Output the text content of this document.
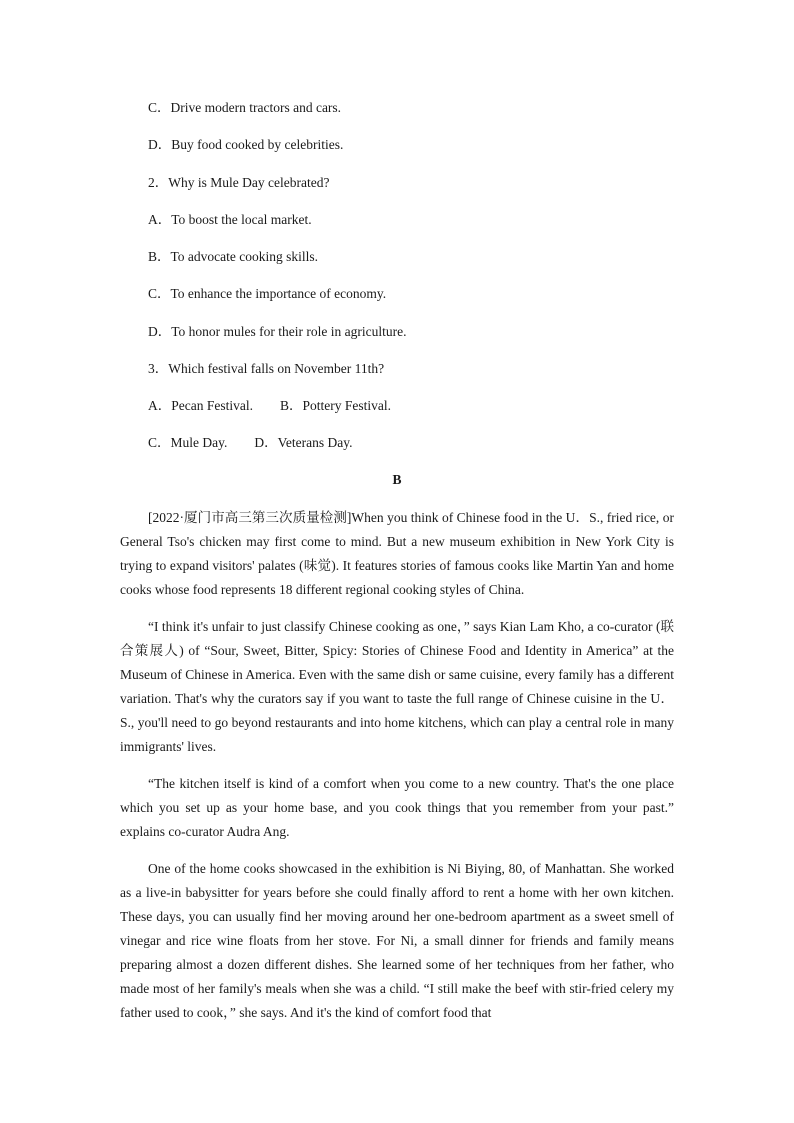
C．Drive modern tractors and cars.
D．Buy food cooked by celebrities.
2．Why is Mule Day celebrated?
A．To boost the local market.
B．To advocate cooking skills.
C．To enhance the importance of economy.
D．To honor mules for their role in agriculture.
3．Which festival falls on November 11th?
A．Pecan Festival.        B．Pottery Festival.
C．Mule Day.        D．Veterans Day.
B

[2022·厦门市高三第三次质量检测]When you think of Chinese food in the U．S., fried rice, or General Tso's chicken may first come to mind. But a new museum exhibition in New York City is trying to expand visitors' palates (味觉). It features stories of famous cooks like Martin Yan and home cooks whose food represents 18 different regional cooking styles of China.

“I think it's unfair to just classify Chinese cooking as one，” says Kian Lam Kho, a co-curator (联合策展人) of “Sour, Sweet, Bitter, Spicy: Stories of Chinese Food and Identity in America” at the Museum of Chinese in America. Even with the same dish or same cuisine, every family has a different variation. That's why the curators say if you want to taste the full range of Chinese cuisine in the U．S., you'll need to go beyond restaurants and into home kitchens, which can play a central role in many immigrants' lives.

“The kitchen itself is kind of a comfort when you come to a new country. That's the one place which you set up as your home base, and you cook things that you remember from your past.” explains co-curator Audra Ang.

One of the home cooks showcased in the exhibition is Ni Biying, 80, of Manhattan. She worked as a live-in babysitter for years before she could finally afford to rent a home with her own kitchen. These days, you can usually find her moving around her one-bedroom apartment as a sweet smell of vinegar and rice wine floats from her stove. For Ni, a small dinner for friends and family means preparing almost a dozen different dishes. She learned some of her techniques from her father, who made most of her family's meals when she was a child. “I still make the beef with stir-fried celery my father used to cook，” she says. And it's the kind of comfort food that
